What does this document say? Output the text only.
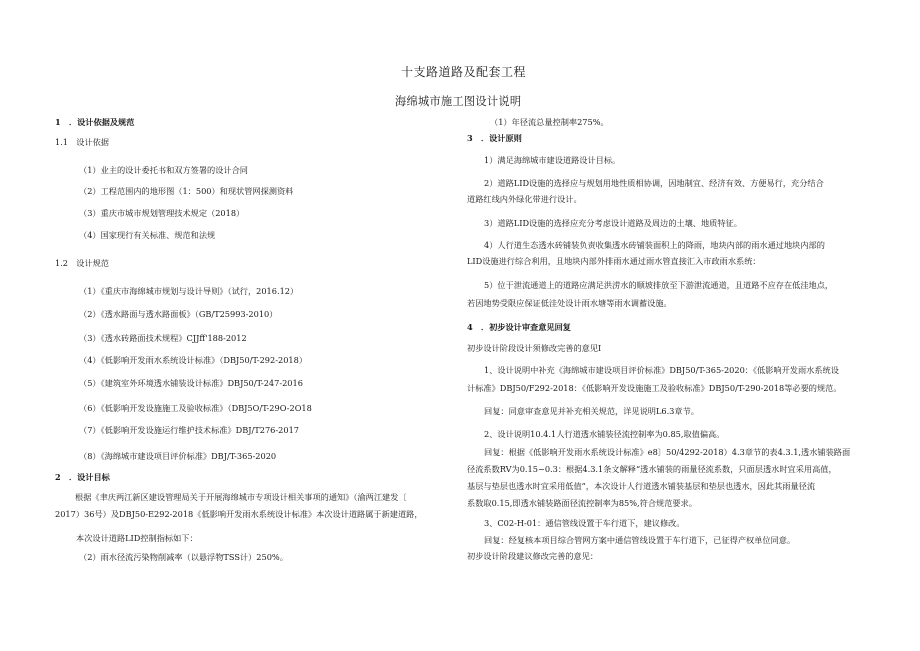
十支路道路及配套工程
海绵城市施工图设计说明
1　．设计依据及规范
1.1　设计依据
（1）业主的设计委托书和双方签署的设计合同
（2）工程范围内的地形图（1：500）和现状管网探测资料
（3）重庆市城市规划管理技术规定（2018）
（4）国家现行有关标准、规范和法规
1.2　设计规范
（1）《重庆市海绵城市规划与设计导则》（试行，2016.12）
（2）《透水路面与透水路面板》（GB/T25993-2010）
（3）《透水砖路面技术规程》CJJff'188-2012
（4）《低影响开发雨水系统设计标准》（DBJ50/T-292-2018）
（5）《建筑室外环境透水铺装设计标准》DBJ50/T-247-2016
（6）《低影响开发设施施工及验收标准》（DBJ5O/T-29O-2O18
（7）《低影响开发设施运行维护技术标准》DBJ/T276-2017
（8）《海绵城市建设项目评价标准》DBJ/T-365-2020
2　．设计目标
根据《聿庆两江新区建设管理局关于开展海绵城市专项设计相关事项的通知》（渝两江建发〔
2017）36号）及DBJ50-E292-2018《低影响开发雨水系统设计标准》本次设计道路属于新建道路，
本次设计道路LID控制指标如下：
（2）雨水径流污染物削减率（以悬浮物TSS计）250%。
（1）年径流总量控制率275%。
3　．设计原则
1）满足海绵城市建设道路设计目标。
2）道路LID设施的选择应与规划用地性质相协调，因地制宜、经济有效、方便易行，充分结合
道路红线内外绿化带进行设计。
3）道路LID设施的选择应充分考虑设计道路及周边的土壤、地质特征。
4）人行道生态透水砖铺装负责收集透水砖铺装面积上的降雨，地块内部的雨水通过地块内部的
LID设施进行综合利用，且地块内部外排雨水通过雨水管直接汇入市政雨水系统：
5）位于泄流通道上的道路应满足洪涝水的顺坡排放至下游泄流通道，且道路不应存在低洼地点，
若因地势受限应保证低洼处设计雨水塘等雨水调蓄设施。
4　．初步设计审查意见回复
初步设计阶段设计须修改完善的意见I
1、设计说明中补充《海绵城市建设项目评价标准》DBJ50/T-365-2020：《低影响开发雨水系统设
计标准》DBJ50/F292-2018：《低影响开发设施施工及验收标准》DBJ50/T-290-2018等必要的规范。
回复：同意审查意见并补充相关规范，详见说明L6.3章节。
2、设计说明10.4.1人行道透水铺装径流控制率为0.85,取值偏高。
回复：根据《低影响开发雨水系统设计标准》e8〕50/4292-2018）4.3章节的表4.3.1,透水铺装路面
径流系数RV为0.15~0.3：根据4.3.1条文解释“透水铺装的雨量径流系数，只面层透水时宜采用高值，
基层与垫层也透水时宜采用低值”，本次设计人行道透水铺装基层和垫层也透水，因此其雨量径流
系数取0.15,即透水铺装路面径流控制率为85%,符合规范要求。
3、C02-H-01：通信管线设置于车行道下，建议修改。
回复：经复核本项目综合管网方案中通信管线设置于车行道下，已征得产权单位同意。
初步设计阶段建议修改完善的意见：
